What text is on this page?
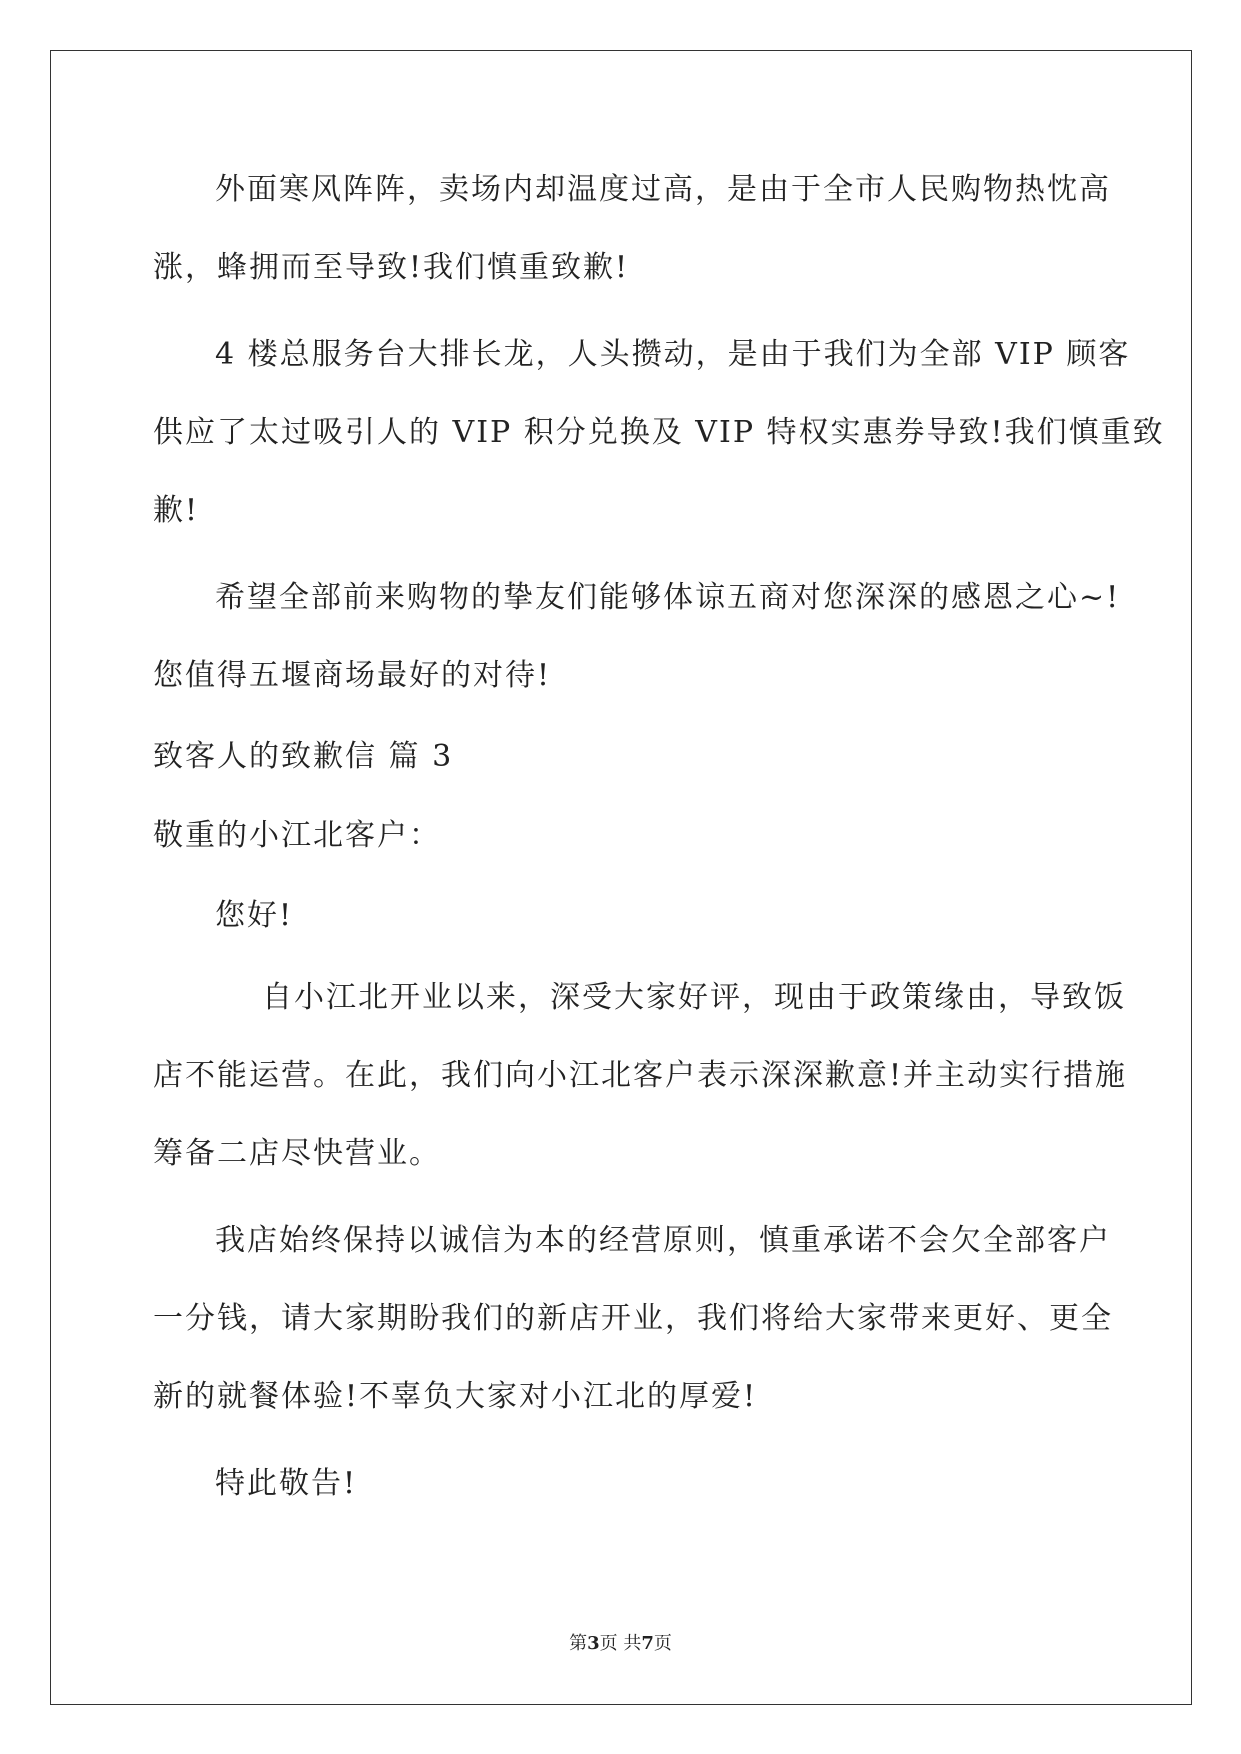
外面寒风阵阵，卖场内却温度过高，是由于全市人民购物热忱高
涨，蜂拥而至导致!我们慎重致歉!
4 楼总服务台大排长龙，人头攒动，是由于我们为全部 VIP 顾客
供应了太过吸引人的 VIP 积分兑换及 VIP 特权实惠券导致!我们慎重致
歉!
希望全部前来购物的挚友们能够体谅五商对您深深的感恩之心~!
您值得五堰商场最好的对待!
致客人的致歉信 篇 3
敬重的小江北客户：
您好!
自小江北开业以来，深受大家好评，现由于政策缘由，导致饭
店不能运营。在此，我们向小江北客户表示深深歉意!并主动实行措施
筹备二店尽快营业。
我店始终保持以诚信为本的经营原则，慎重承诺不会欠全部客户
一分钱，请大家期盼我们的新店开业，我们将给大家带来更好、更全
新的就餐体验!不辜负大家对小江北的厚爱!
特此敬告!
第3页 共7页
